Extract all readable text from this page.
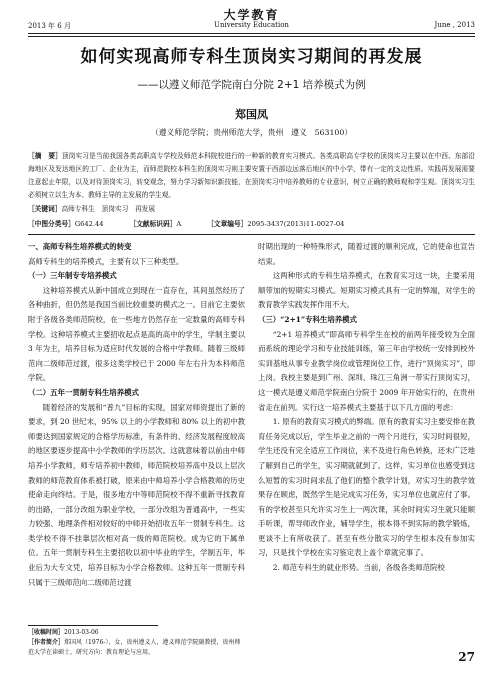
大学教育
2013 年 6 月	University Education	June , 2013
如何实现高师专科生顶岗实习期间的再发展
——以遵义师范学院南白分院 2+1 培养模式为例
郑国凤
（遵义师范学院；贵州师范大学，贵州　遵义　563100）
［摘　要］顶岗实习是当前我国各类高职高专学校及师范本科院校进行的一种新的教育实习模式。各类高职高专学校的顶岗实习主要以在中西、东部沿海地区及发达地区的工厂、企业为主，而师范院校本科生的顶岗实习则主要安置于西部边远落后地区的中小学，带有一定的支边性质。实践再发展需要注意起止年限，以及对待顶岗实习，转变观念，努力学习新知识新技能，在顶岗实习中培养教师的专业意识，树立正确的教师观和学生观。顶岗实习生必须树立以生为本、教师主导的主发展的学生观。
［关键词］高师专科生　顶岗实习　再发展
［中图分类号］G642.44	［文献标识码］A	［文章编号］2095-3437(2013)11-0027-04

一、高师专科生培养模式的转变

高师专科生的培养模式，主要有以下三种类型。

（一）三年制专专培养模式

这种培养模式从新中国成立到现在一直存在，其间虽然经历了各种曲折，但仍然是我国当前比较重要的模式之一。目前它主要依附于各级各类师范院校，在一些地方仍然存在一定数量的高师专科学校。这种培养模式主要招收起点是高的高中的学生，学制主要以 3 年为主，培养目标为适应时代发展的合格中学教师。随着三级师范向二级师范过渡，很多这类学校已于 2000 年左右升为本科师范学院。

（二）五年一贯制专科生培养模式

随着经济的发展和“普九”目标的实现，国家对师资提出了新的要求，到 20 世纪末，95% 以上的小学教师和 80% 以上的初中教师要达到国家规定的合格学历标准，有条件的、经济发展程度较高的地区要逐步提高中小学教师的学历层次。这就意味着以前由中师培养小学教师，师专培养初中教师，师范院校培养高中及以上层次教师的师范教育体系被打破，原来由中师培养小学合格教师的历史使命走向终结。于是，很多地方中等师范院校不得不重新寻找教育的出路，一部分改组为职业学校，一部分改组为普通高中，一些实力较强、地理条件相对较好的中师开始招收五年一贯制专科生。这类学校不得不挂靠层次相对高一级的师范院校。成为它的下属单位。五年一贯制专科生主要招收以初中毕业的学生，学制五年，毕业后为大专文凭，培养目标为小学合格教师。这种五年一贯制专科只属于三级师范向二级师范过渡

时期出现的一种特殊形式，随着过渡的顺利完成，它的使命也宣告结束。

这两种形式的专科生培养模式，在教育实习这一块，主要采用顺带加的短期实习模式。短期实习模式具有一定的弊端，对学生的教育教学实践发挥作用不大。

（三）“2+1”专科生培养模式

“2+1 培养模式”即高师专科学生在校的前两年接受较为全面而系统的理论学习和专业技能训练，第三年由学校统一安排到校外实训基地从事专业教学岗位或管理岗位工作，进行“顶岗实习”，即上岗。我校主要是到广州、深圳、珠江三角洲一带实行顶岗实习，这一模式是遵义师范学院南白分院于 2009 年开始实行的，在贵州省走在前列。实行这一培养模式主要基于以下几方面的考虑：

1. 原有的教育实习模式的弊端。原有的教育实习主要安排在教育任务完成以后，学生毕业之前的一两个月进行，实习时间很短，学生还没有完全适应工作岗位，来不及进行角色转换，还未广泛地了解到自己的学生，实习期就就到了。这样，实习单位也感受到这么短暂的实习时间求乱了他们的整个教学计划，对实习生的教学效果存在顾虑，既然学生是完成实习任务，实习单位也就应付了事。有的学校甚至只允许实习生上一两次课，其余时间实习生就只能顺手听课，帮导师改作业，辅导学生，根本得不到实际的教学锻炼，更谈不上有所收获了。甚至有些分散实习的学生根本没有参加实习，只是找个学校在实习鉴定表上盖个章就完事了。

2. 师范专科生的就业形势。当前，各级各类师范院校

［收稿时间］2013-03-06
［作者简介］郑国风（1976-），女，贵州遵义人，遵义师范学院副教授，贵州师范大学在读硕士，研究方向：教育理论与应用。	27
